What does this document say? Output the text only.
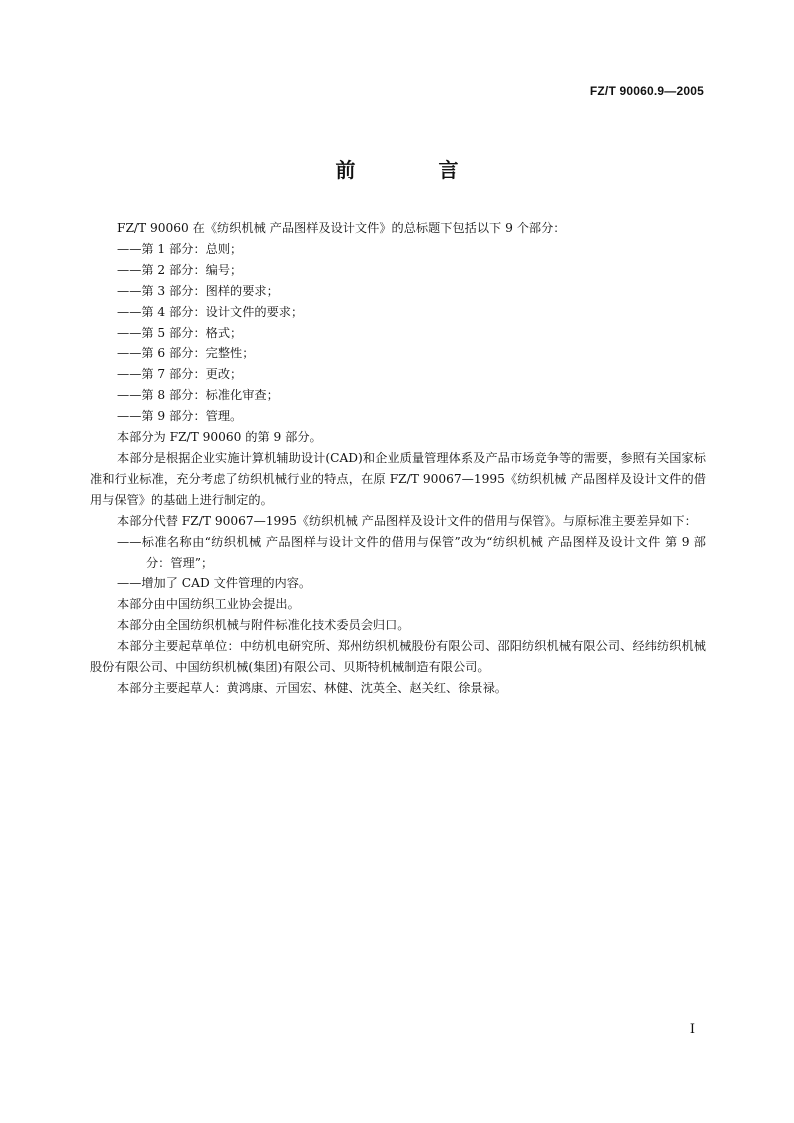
FZ/T 90060.9—2005
前 言

FZ/T 90060 在《纺织机械 产品图样及设计文件》的总标题下包括以下 9 个部分：

——第 1 部分：总则；

——第 2 部分：编号；

——第 3 部分：图样的要求；

——第 4 部分：设计文件的要求；

——第 5 部分：格式；

——第 6 部分：完整性；

——第 7 部分：更改；

——第 8 部分：标准化审查；

——第 9 部分：管理。

本部分为 FZ/T 90060 的第 9 部分。

本部分是根据企业实施计算机辅助设计(CAD)和企业质量管理体系及产品市场竞争等的需要，参照有关国家标准和行业标准，充分考虑了纺织机械行业的特点，在原 FZ/T 90067—1995《纺织机械 产品图样及设计文件的借用与保管》的基础上进行制定的。

本部分代替 FZ/T 90067—1995《纺织机械 产品图样及设计文件的借用与保管》。与原标准主要差异如下：

——标准名称由“纺织机械 产品图样与设计文件的借用与保管”改为“纺织机械 产品图样及设计文件 第 9 部分：管理”；

——增加了 CAD 文件管理的内容。

本部分由中国纺织工业协会提出。

本部分由全国纺织机械与附件标准化技术委员会归口。

本部分主要起草单位：中纺机电研究所、郑州纺织机械股份有限公司、邵阳纺织机械有限公司、经纬纺织机械股份有限公司、中国纺织机械(集团)有限公司、贝斯特机械制造有限公司。

本部分主要起草人：黄鸿康、亓国宏、林健、沈英全、赵关红、徐景禄。

I
